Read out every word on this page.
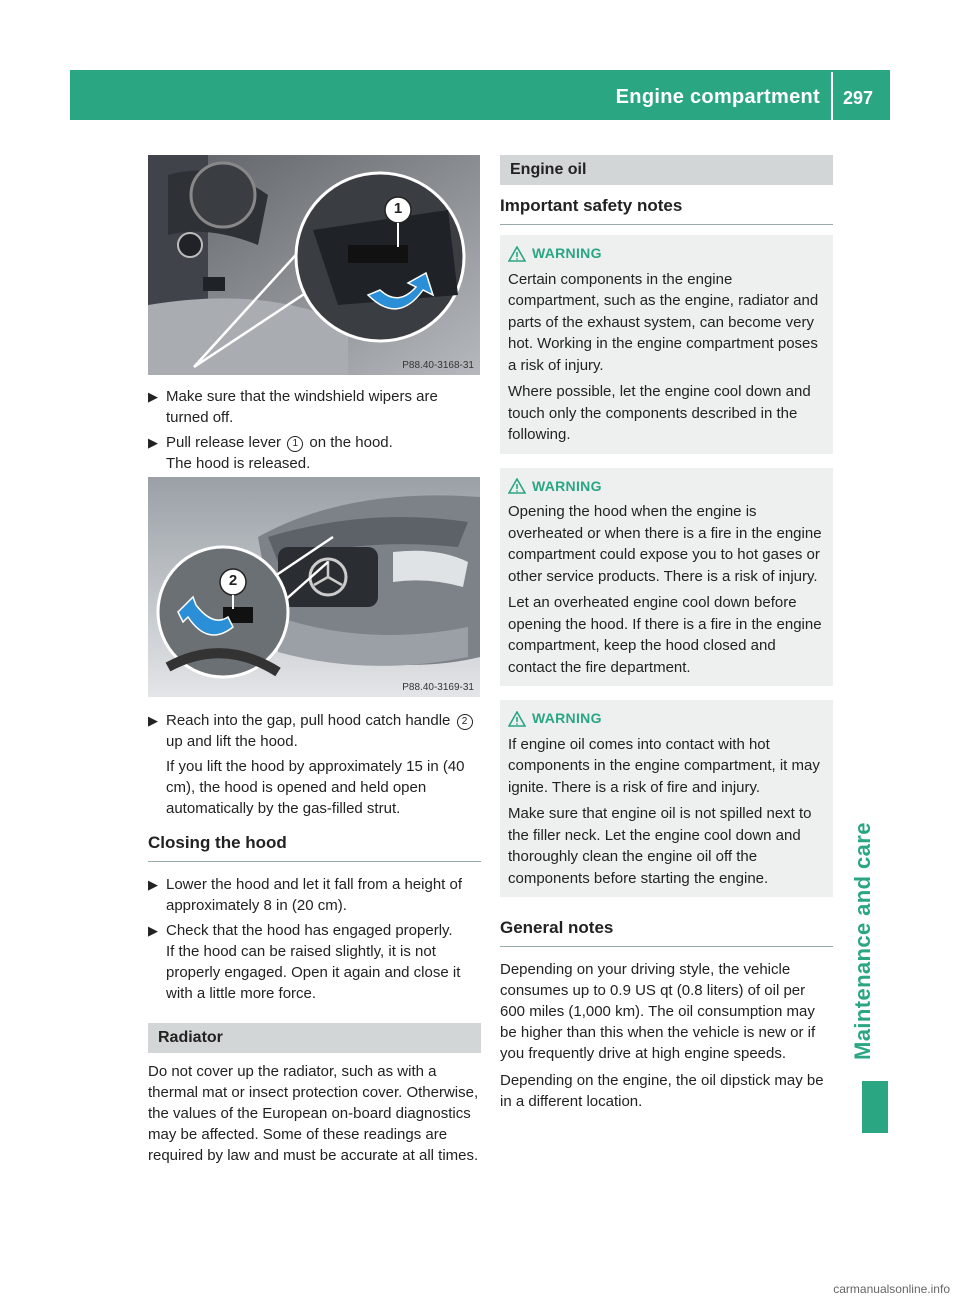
Engine compartment 297
Maintenance and care
1
P88.40-3168-31
▶ Make sure that the windshield wipers are turned off.
▶ Pull release lever 1 on the hood.
The hood is released.
2
P88.40-3169-31
▶ Reach into the gap, pull hood catch handle 2 up and lift the hood.
If you lift the hood by approximately 15 in (40 cm), the hood is opened and held open automatically by the gas-filled strut.
Closing the hood
▶ Lower the hood and let it fall from a height of approximately 8 in (20 cm).
▶ Check that the hood has engaged properly.
If the hood can be raised slightly, it is not properly engaged. Open it again and close it with a little more force.
Radiator
Do not cover up the radiator, such as with a thermal mat or insect protection cover. Otherwise, the values of the European on-board diagnostics may be affected. Some of these readings are required by law and must be accurate at all times.
Engine oil
Important safety notes
WARNING

Certain components in the engine compartment, such as the engine, radiator and parts of the exhaust system, can become very hot. Working in the engine compartment poses a risk of injury.

Where possible, let the engine cool down and touch only the components described in the following.

WARNING

Opening the hood when the engine is overheated or when there is a fire in the engine compartment could expose you to hot gases or other service products. There is a risk of injury.

Let an overheated engine cool down before opening the hood. If there is a fire in the engine compartment, keep the hood closed and contact the fire department.

WARNING

If engine oil comes into contact with hot components in the engine compartment, it may ignite. There is a risk of fire and injury.

Make sure that engine oil is not spilled next to the filler neck. Let the engine cool down and thoroughly clean the engine oil off the components before starting the engine.

General notes
Depending on your driving style, the vehicle consumes up to 0.9 US qt (0.8 liters) of oil per 600 miles (1,000 km). The oil consumption may be higher than this when the vehicle is new or if you frequently drive at high engine speeds.
Depending on the engine, the oil dipstick may be in a different location.
carmanualsonline.info
